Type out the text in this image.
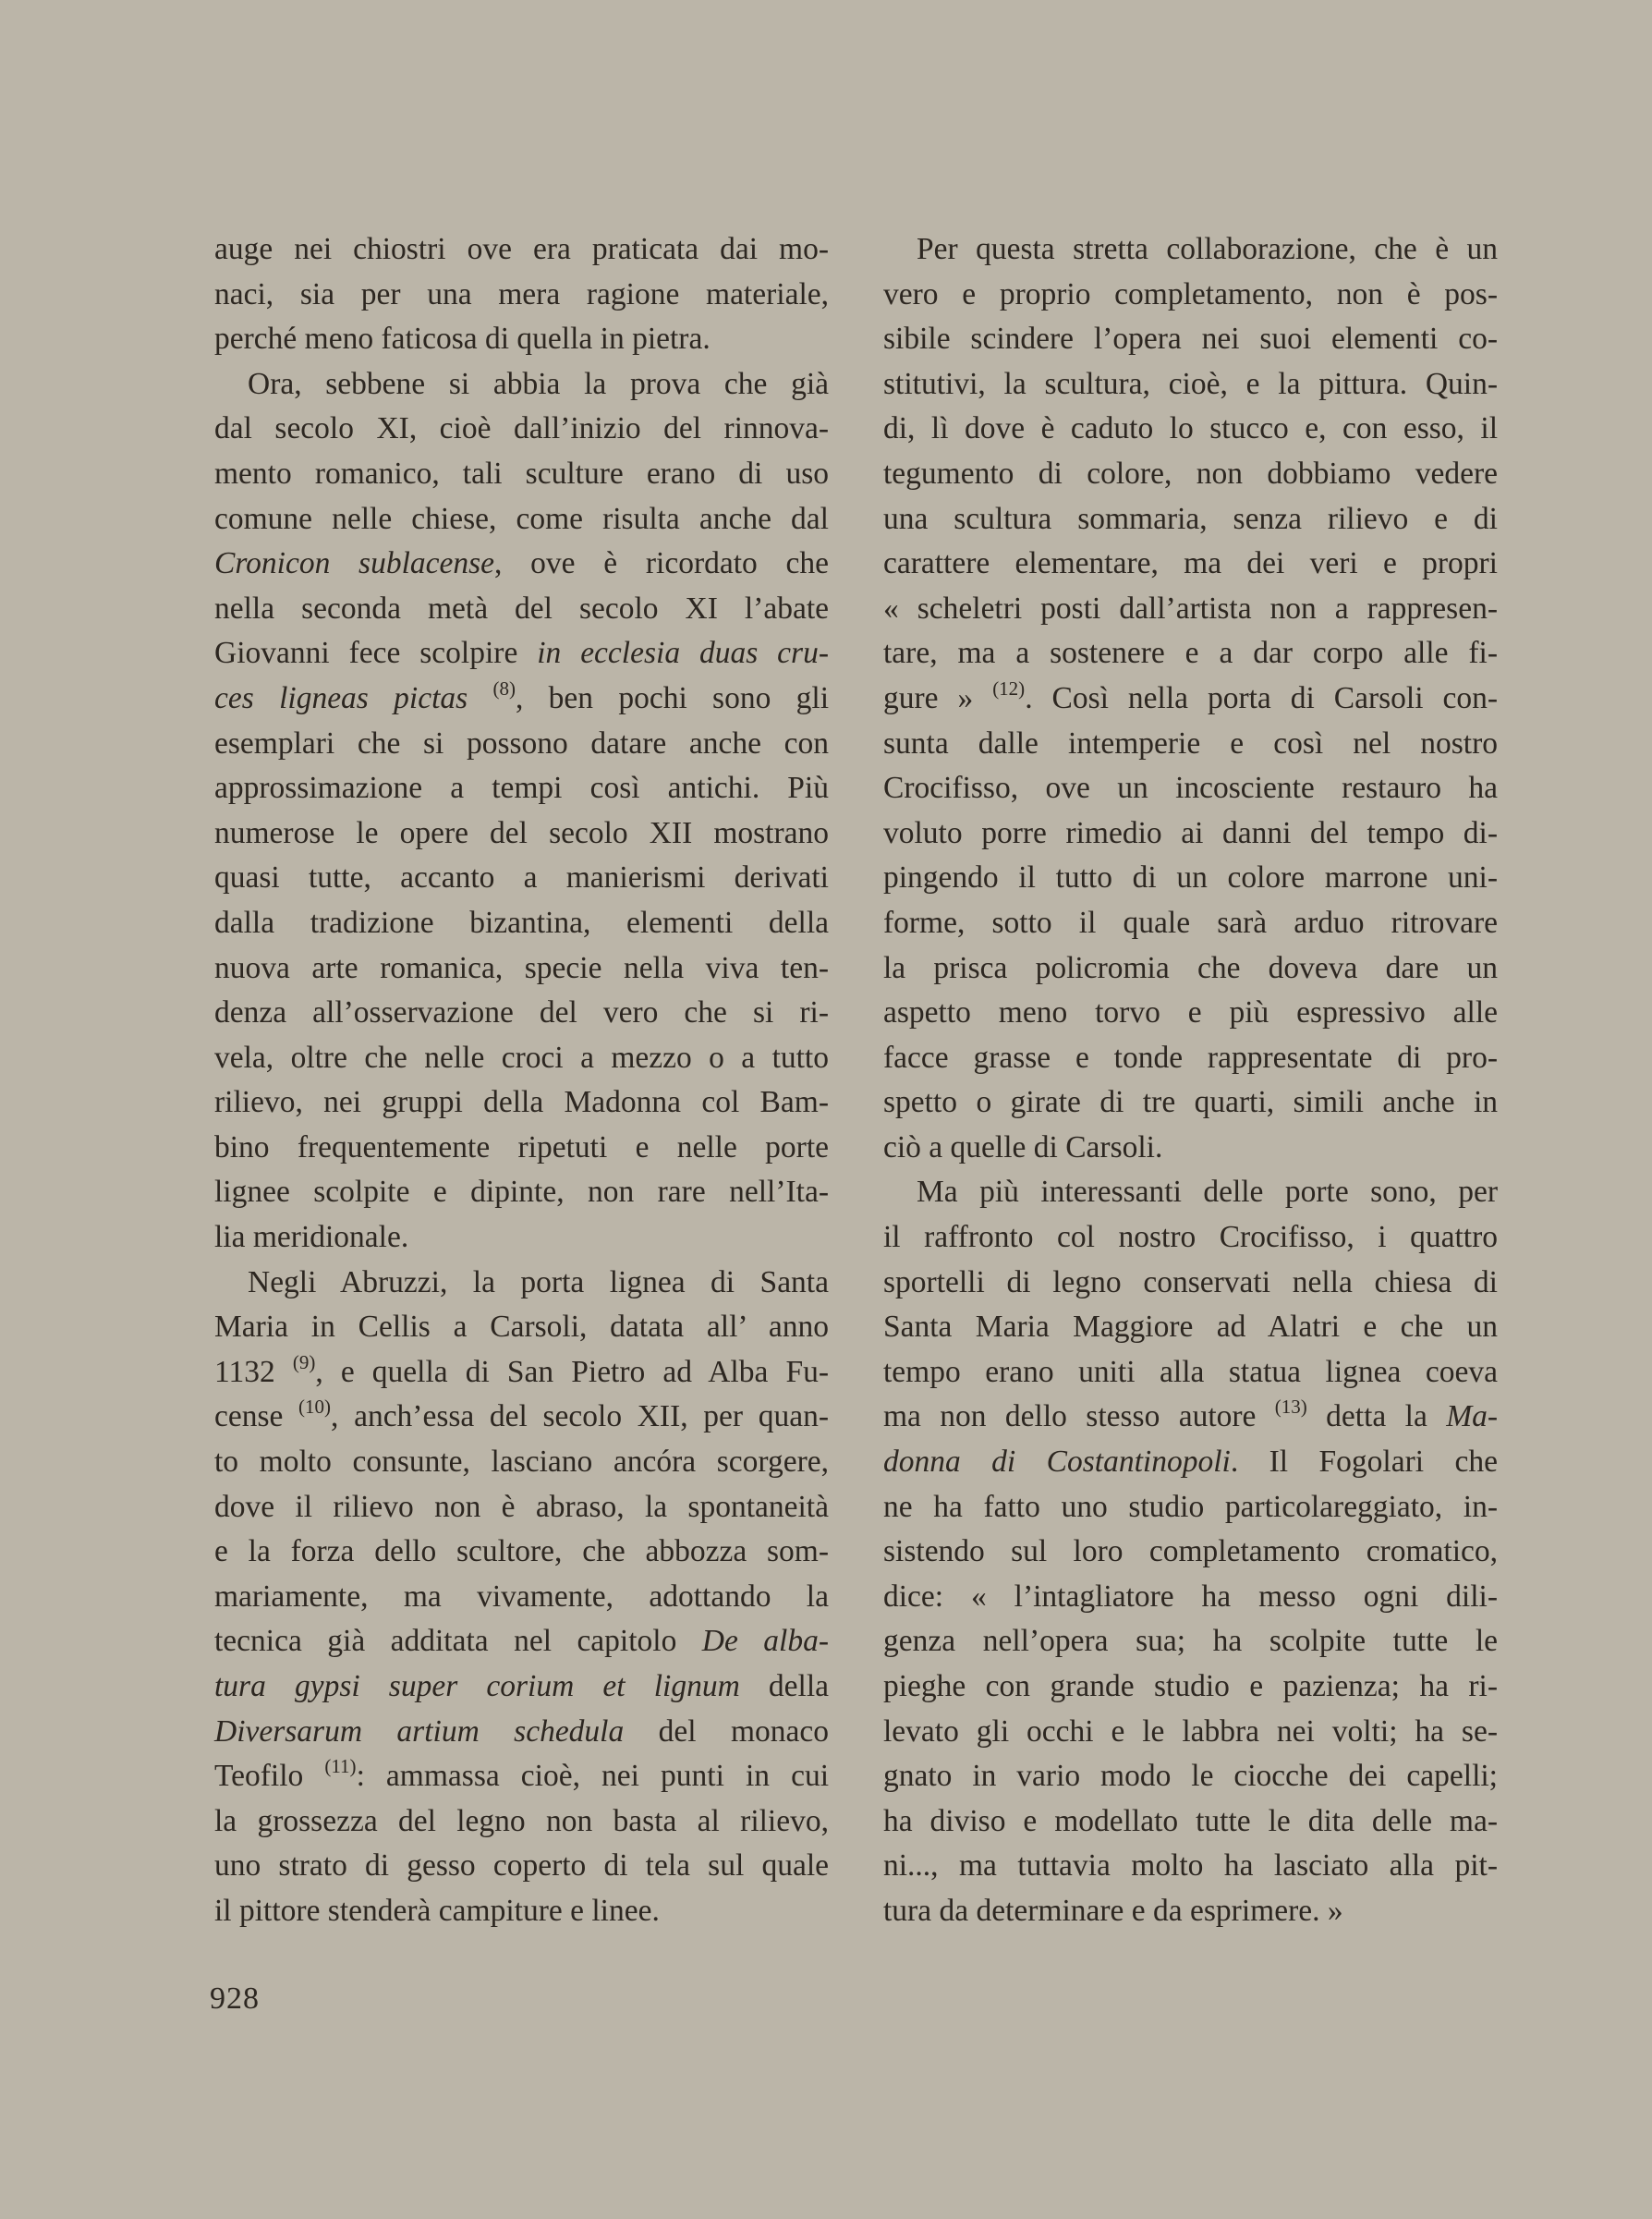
auge nei chiostri ove era praticata dai mo-
naci, sia per una mera ragione materiale,
perché meno faticosa di quella in pietra.
Ora, sebbene si abbia la prova che già
dal secolo XI, cioè dall’inizio del rinnova-
mento romanico, tali sculture erano di uso
comune nelle chiese, come risulta anche dal
Cronicon sublacense, ove è ricordato che
nella seconda metà del secolo XI l’abate
Giovanni fece scolpire in ecclesia duas cru-
ces ligneas pictas $^{(8)}$, ben pochi sono gli
esemplari che si possono datare anche con
approssimazione a tempi così antichi. Più
numerose le opere del secolo XII mostrano
quasi tutte, accanto a manierismi derivati
dalla tradizione bizantina, elementi della
nuova arte romanica, specie nella viva ten-
denza all’osservazione del vero che si ri-
vela, oltre che nelle croci a mezzo o a tutto
rilievo, nei gruppi della Madonna col Bam-
bino frequentemente ripetuti e nelle porte
lignee scolpite e dipinte, non rare nell’Ita-
lia meridionale.
Negli Abruzzi, la porta lignea di Santa
Maria in Cellis a Carsoli, datata all’ anno
1132 $^{(9)}$, e quella di San Pietro ad Alba Fu-
cense $^{(10)}$, anch’essa del secolo XII, per quan-
to molto consunte, lasciano ancóra scorgere,
dove il rilievo non è abraso, la spontaneità
e la forza dello scultore, che abbozza som-
mariamente, ma vivamente, adottando la
tecnica già additata nel capitolo De alba-
tura gypsi super corium et lignum della
Diversarum artium schedula del monaco
Teofilo $^{(11)}$: ammassa cioè, nei punti in cui
la grossezza del legno non basta al rilievo,
uno strato di gesso coperto di tela sul quale
il pittore stenderà campiture e linee.
Per questa stretta collaborazione, che è un
vero e proprio completamento, non è pos-
sibile scindere l’opera nei suoi elementi co-
stitutivi, la scultura, cioè, e la pittura. Quin-
di, lì dove è caduto lo stucco e, con esso, il
tegumento di colore, non dobbiamo vedere
una scultura sommaria, senza rilievo e di
carattere elementare, ma dei veri e propri
« scheletri posti dall’artista non a rappresen-
tare, ma a sostenere e a dar corpo alle fi-
gure » $^{(12)}$. Così nella porta di Carsoli con-
sunta dalle intemperie e così nel nostro
Crocifisso, ove un incosciente restauro ha
voluto porre rimedio ai danni del tempo di-
pingendo il tutto di un colore marrone uni-
forme, sotto il quale sarà arduo ritrovare
la prisca policromia che doveva dare un
aspetto meno torvo e più espressivo alle
facce grasse e tonde rappresentate di pro-
spetto o girate di tre quarti, simili anche in
ciò a quelle di Carsoli.
Ma più interessanti delle porte sono, per
il raffronto col nostro Crocifisso, i quattro
sportelli di legno conservati nella chiesa di
Santa Maria Maggiore ad Alatri e che un
tempo erano uniti alla statua lignea coeva
ma non dello stesso autore $^{(13)}$ detta la Ma-
donna di Costantinopoli. Il Fogolari che
ne ha fatto uno studio particolareggiato, in-
sistendo sul loro completamento cromatico,
dice: « l’intagliatore ha messo ogni dili-
genza nell’opera sua; ha scolpite tutte le
pieghe con grande studio e pazienza; ha ri-
levato gli occhi e le labbra nei volti; ha se-
gnato in vario modo le ciocche dei capelli;
ha diviso e modellato tutte le dita delle ma-
ni..., ma tuttavia molto ha lasciato alla pit-
tura da determinare e da esprimere. »
928
